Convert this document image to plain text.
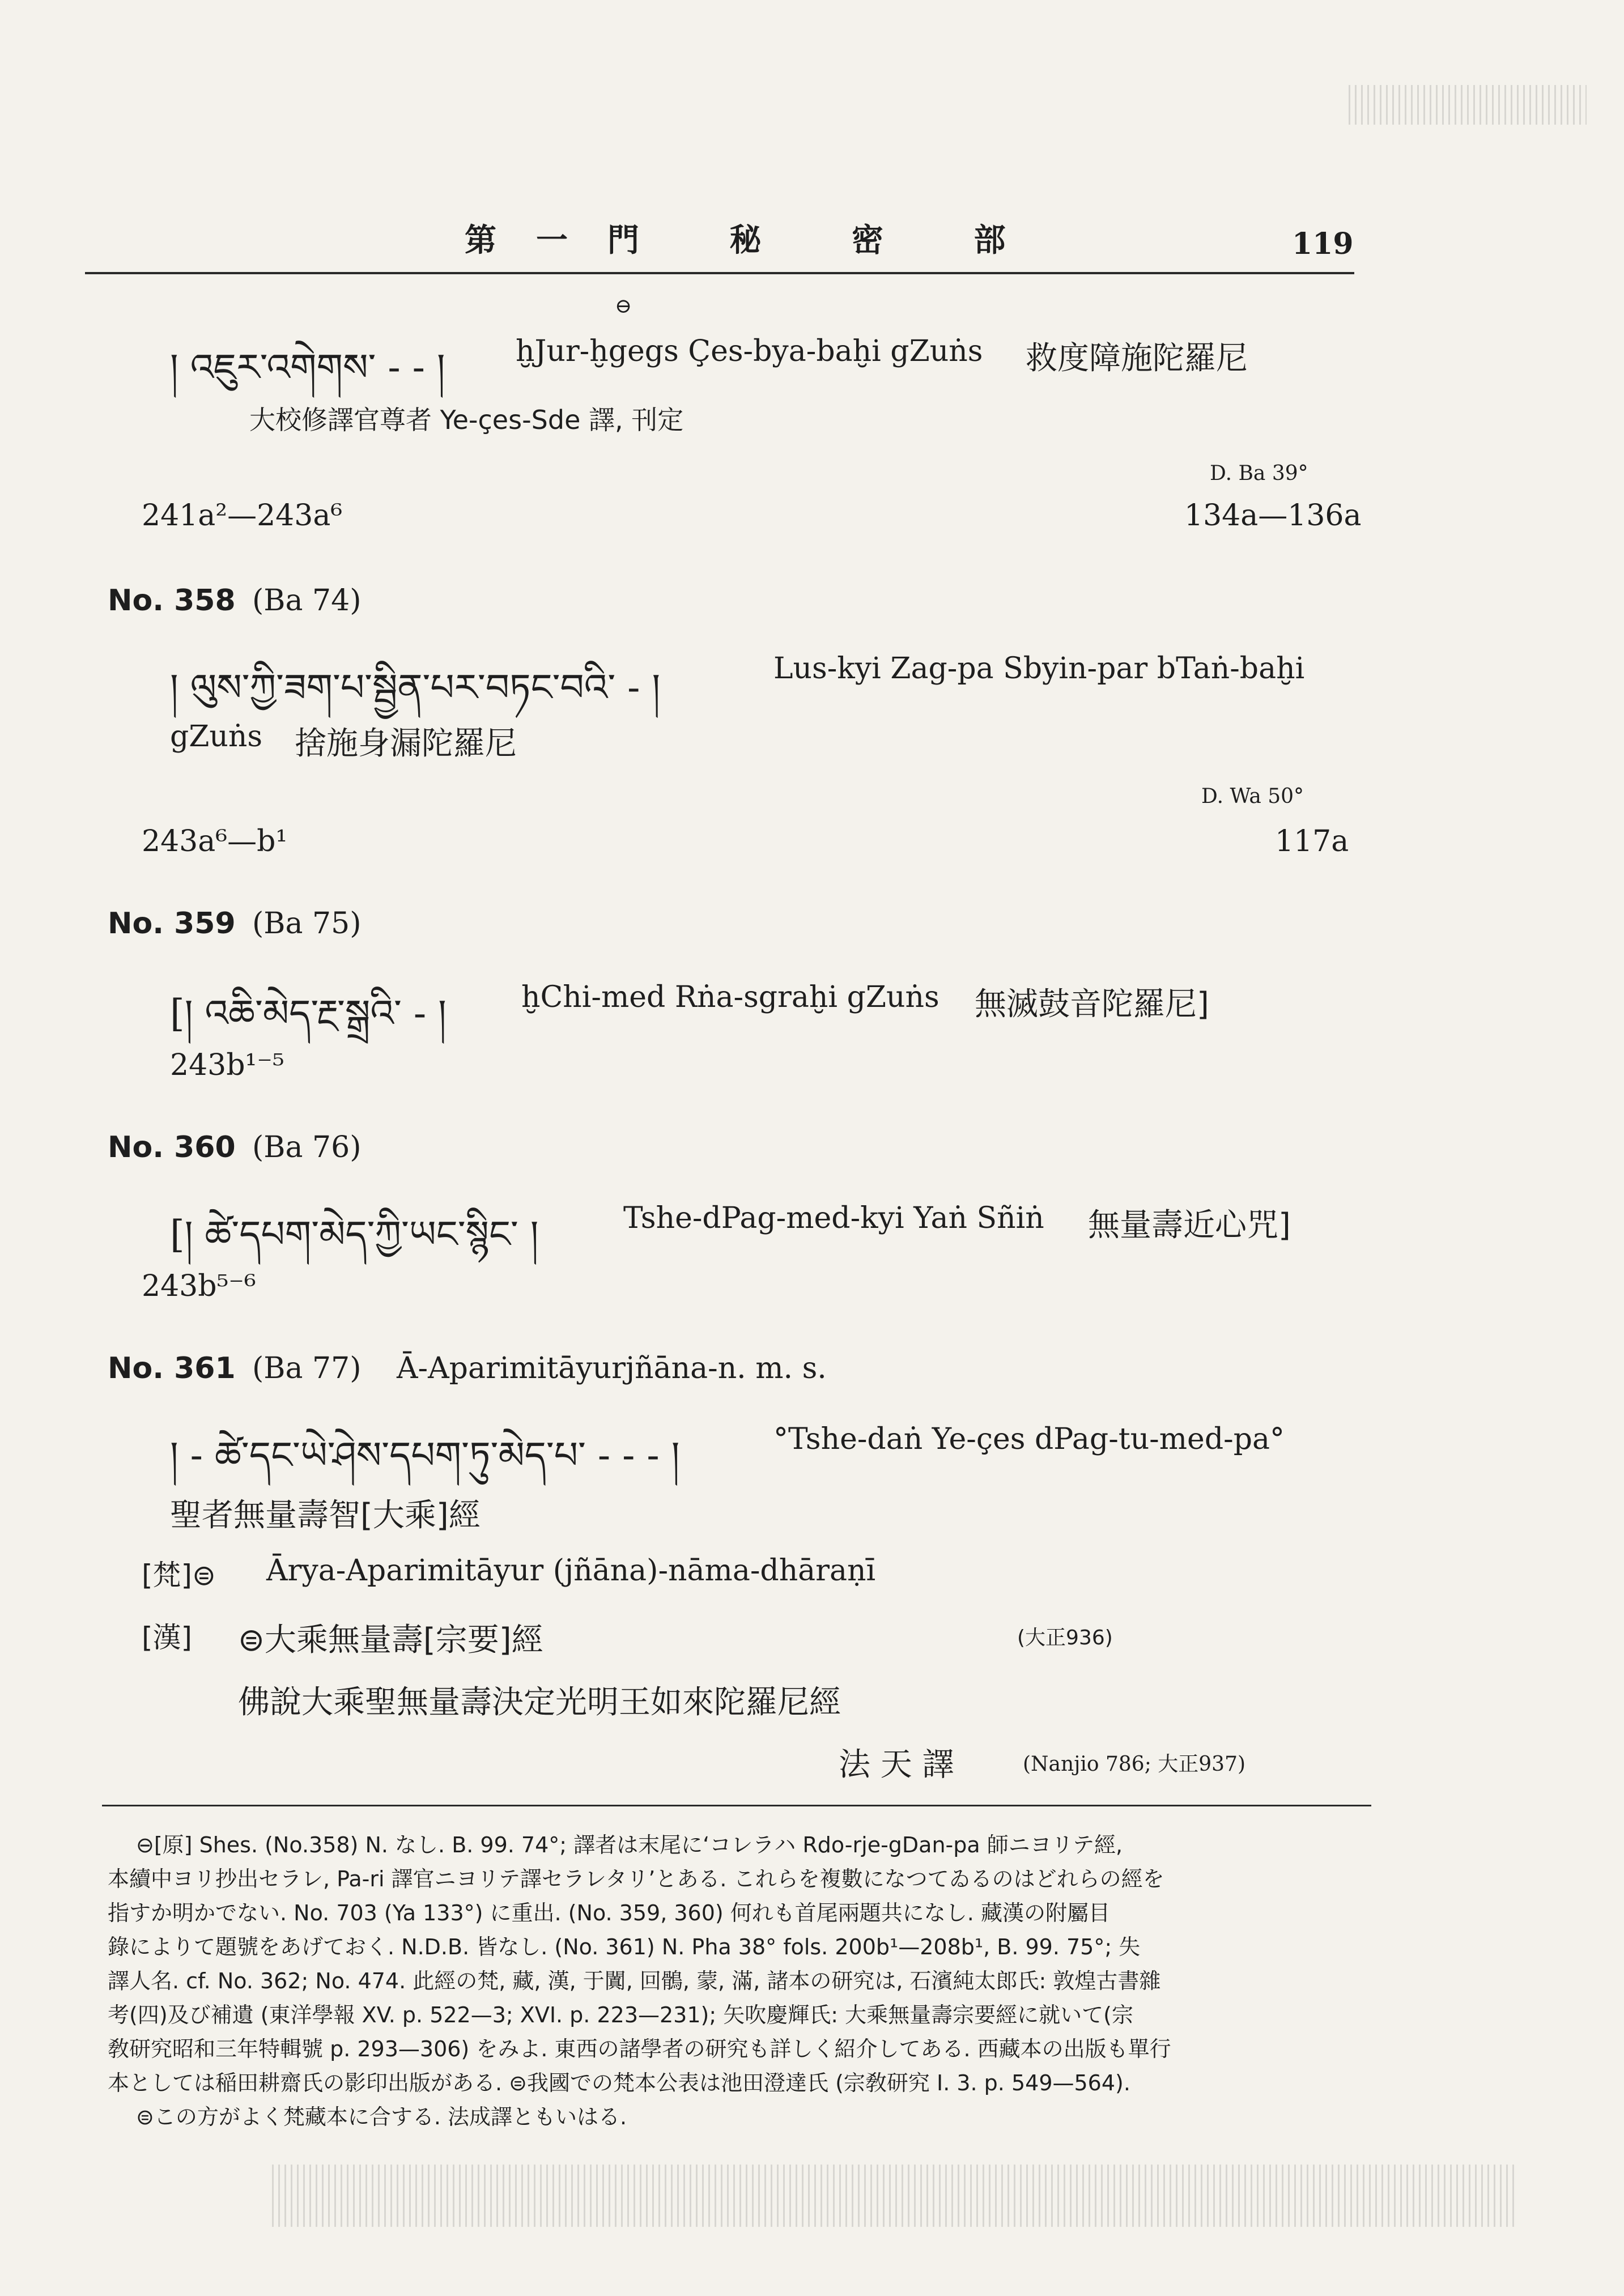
第一門 秘 密 部	119
། འཇུར་འགེགས་ - - །
⊖
ḫJur-ḫgegs Çes-bya-baḫi gZuṅs 救度障施陀羅尼
大校修譯官尊者 Ye-çes-Sde 譯, 刊定
D. Ba 39°
241a²—243a⁶	134a—136a
No. 358 (Ba 74)
། ལུས་ཀྱི་ཟག་པ་སྦྱིན་པར་བཏང་བའི་ - །	Lus-kyi Zag-pa Sbyin-par bTaṅ-baḫi
gZuṅs 捨施身漏陀羅尼
D. Wa 50°
243a⁶—b¹	117a
No. 359 (Ba 75)
[། འཆི་མེད་རྔ་སྒྲའི་ - །	ḫChi-med Rṅa-sgraḫi gZuṅs 無滅鼓音陀羅尼]
243b¹⁻⁵
No. 360 (Ba 76)
[། ཚེ་དཔག་མེད་ཀྱི་ཡང་སྙིང་ །	Tshe-dPag-med-kyi Yaṅ Sñiṅ 無量壽近心咒]
243b⁵⁻⁶
No. 361 (Ba 77) Ā-Aparimitāyurjñāna-n. m. s.
། - ཚེ་དང་ཡེ་ཤེས་དཔག་ཏུ་མེད་པ་ - - - །	°Tshe-daṅ Ye-çes dPag-tu-med-pa°
聖者無量壽智[大乘]經
[梵]⊜ Ārya-Aparimitāyur (jñāna)-nāma-dhāraṇī
[漢] ⊜大乘無量壽[宗要]經	(大正936)
佛說大乘聖無量壽決定光明王如來陀羅尼經
法 天 譯	(Nanjio 786; 大正937)
⊖[原] Shes. (No.358) N. なし. B. 99. 74°; 譯者は末尾に‘コレラハ Rdo-rje-gDan-pa 師ニヨリテ經,
本續中ヨリ抄出セラレ, Pa-ri 譯官ニヨリテ譯セラレタリ’とある. これらを複數になつてゐるのはどれらの經を
指すか明かでない. No. 703 (Ya 133°) に重出. (No. 359, 360) 何れも首尾兩題共になし. 藏漢の附屬目
錄によりて題號をあげておく. N.D.B. 皆なし. (No. 361) N. Pha 38° fols. 200b¹—208b¹, B. 99. 75°; 失
譯人名. cf. No. 362; No. 474. 此經の梵, 藏, 漢, 于闐, 回鶻, 蒙, 滿, 諸本の研究は, 石濱純太郎氏: 敦煌古書雜
考(四)及び補遺 (東洋學報 XV. p. 522—3; XVI. p. 223—231); 矢吹慶輝氏: 大乘無量壽宗要經に就いて(宗
敎研究昭和三年特輯號 p. 293—306) をみよ. 東西の諸學者の研究も詳しく紹介してある. 西藏本の出版も單行
本としては稲田耕齋氏の影印出版がある. ⊜我國での梵本公表は池田澄達氏 (宗敎研究 I. 3. p. 549—564).
⊜この方がよく梵藏本に合する. 法成譯ともいはる.
